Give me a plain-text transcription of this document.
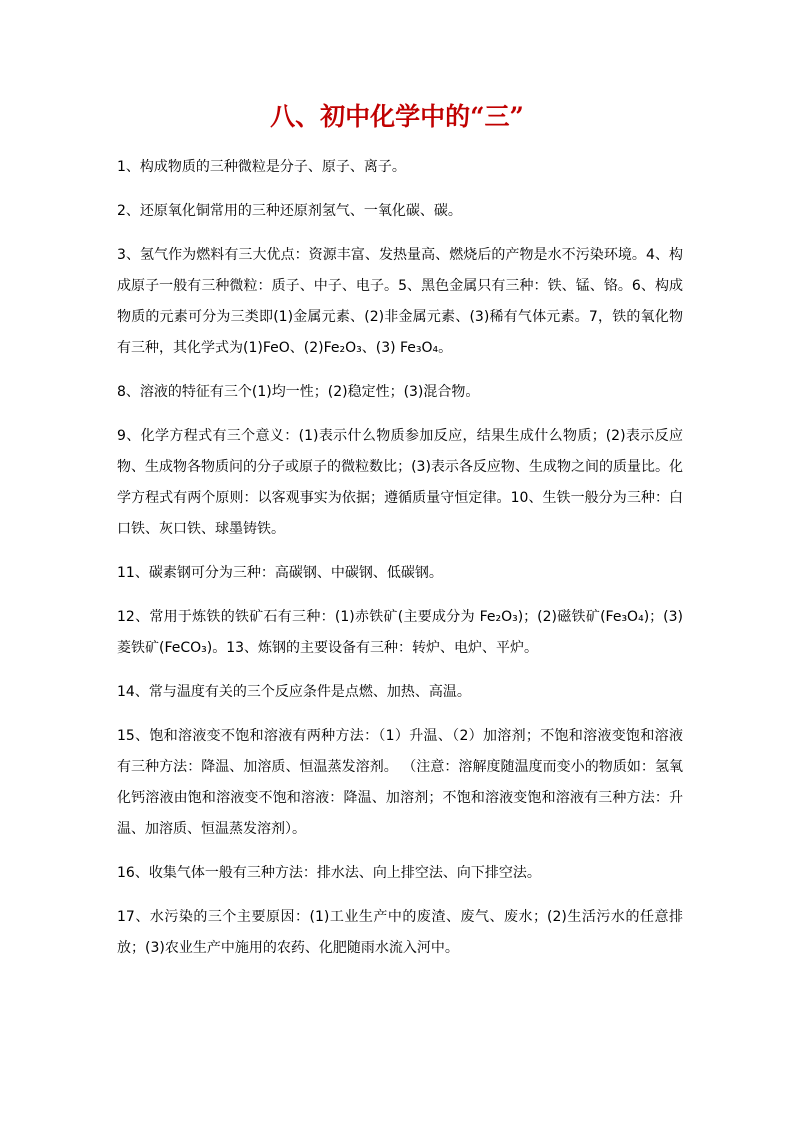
八、初中化学中的“三”

1、构成物质的三种微粒是分子、原子、离子。

2、还原氧化铜常用的三种还原剂氢气、一氧化碳、碳。

3、氢气作为燃料有三大优点：资源丰富、发热量高、燃烧后的产物是水不污染环境。4、构成原子一般有三种微粒：质子、中子、电子。5、黑色金属只有三种：铁、锰、铬。6、构成物质的元素可分为三类即(1)金属元素、(2)非金属元素、(3)稀有气体元素。7，铁的氧化物有三种，其化学式为(1)FeO、(2)Fe₂O₃、(3) Fe₃O₄。

8、溶液的特征有三个(1)均一性；(2)稳定性；(3)混合物。

9、化学方程式有三个意义：(1)表示什么物质参加反应，结果生成什么物质；(2)表示反应物、生成物各物质问的分子或原子的微粒数比；(3)表示各反应物、生成物之间的质量比。化学方程式有两个原则：以客观事实为依据；遵循质量守恒定律。10、生铁一般分为三种：白口铁、灰口铁、球墨铸铁。

11、碳素钢可分为三种：高碳钢、中碳钢、低碳钢。

12、常用于炼铁的铁矿石有三种：(1)赤铁矿(主要成分为 Fe₂O₃)；(2)磁铁矿(Fe₃O₄)；(3)菱铁矿(FeCO₃)。13、炼钢的主要设备有三种：转炉、电炉、平炉。

14、常与温度有关的三个反应条件是点燃、加热、高温。

15、饱和溶液变不饱和溶液有两种方法：（1）升温、（2）加溶剂；不饱和溶液变饱和溶液有三种方法：降温、加溶质、恒温蒸发溶剂。 （注意：溶解度随温度而变小的物质如：氢氧化钙溶液由饱和溶液变不饱和溶液：降温、加溶剂；不饱和溶液变饱和溶液有三种方法：升温、加溶质、恒温蒸发溶剂）。

16、收集气体一般有三种方法：排水法、向上排空法、向下排空法。

17、水污染的三个主要原因：(1)工业生产中的废渣、废气、废水；(2)生活污水的任意排放；(3)农业生产中施用的农药、化肥随雨水流入河中。
